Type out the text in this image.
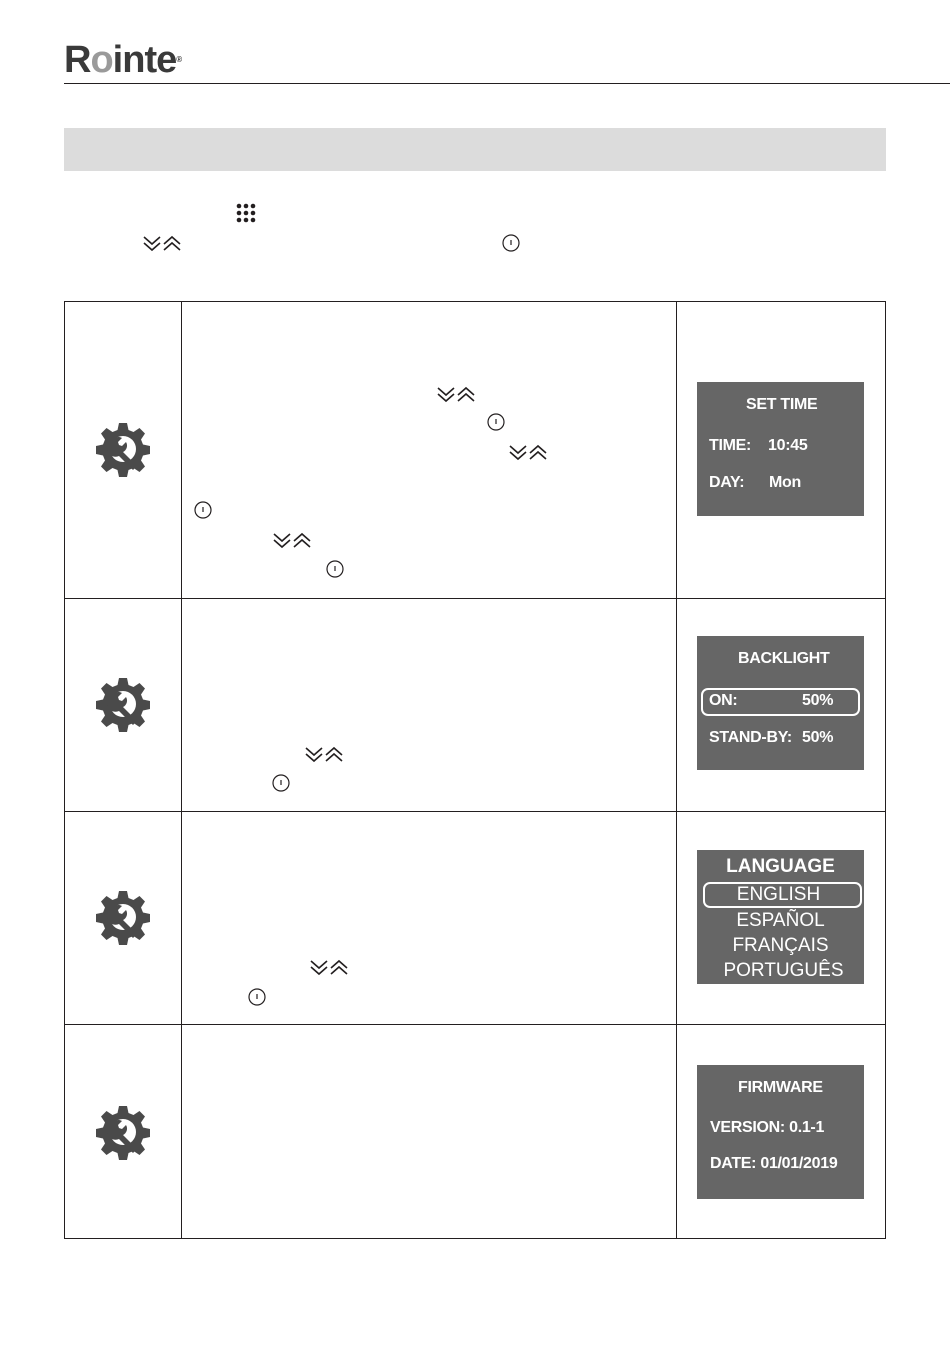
Rointe®
SET TIME
TIME: 10:45
DAY: Mon
BACKLIGHT
ON:	50%
STAND-BY: 50%
LANGUAGE
ENGLISH
ESPAÑOL
FRANÇAIS
PORTUGUÊS
FIRMWARE
VERSION: 0.1-1
DATE: 01/01/2019
